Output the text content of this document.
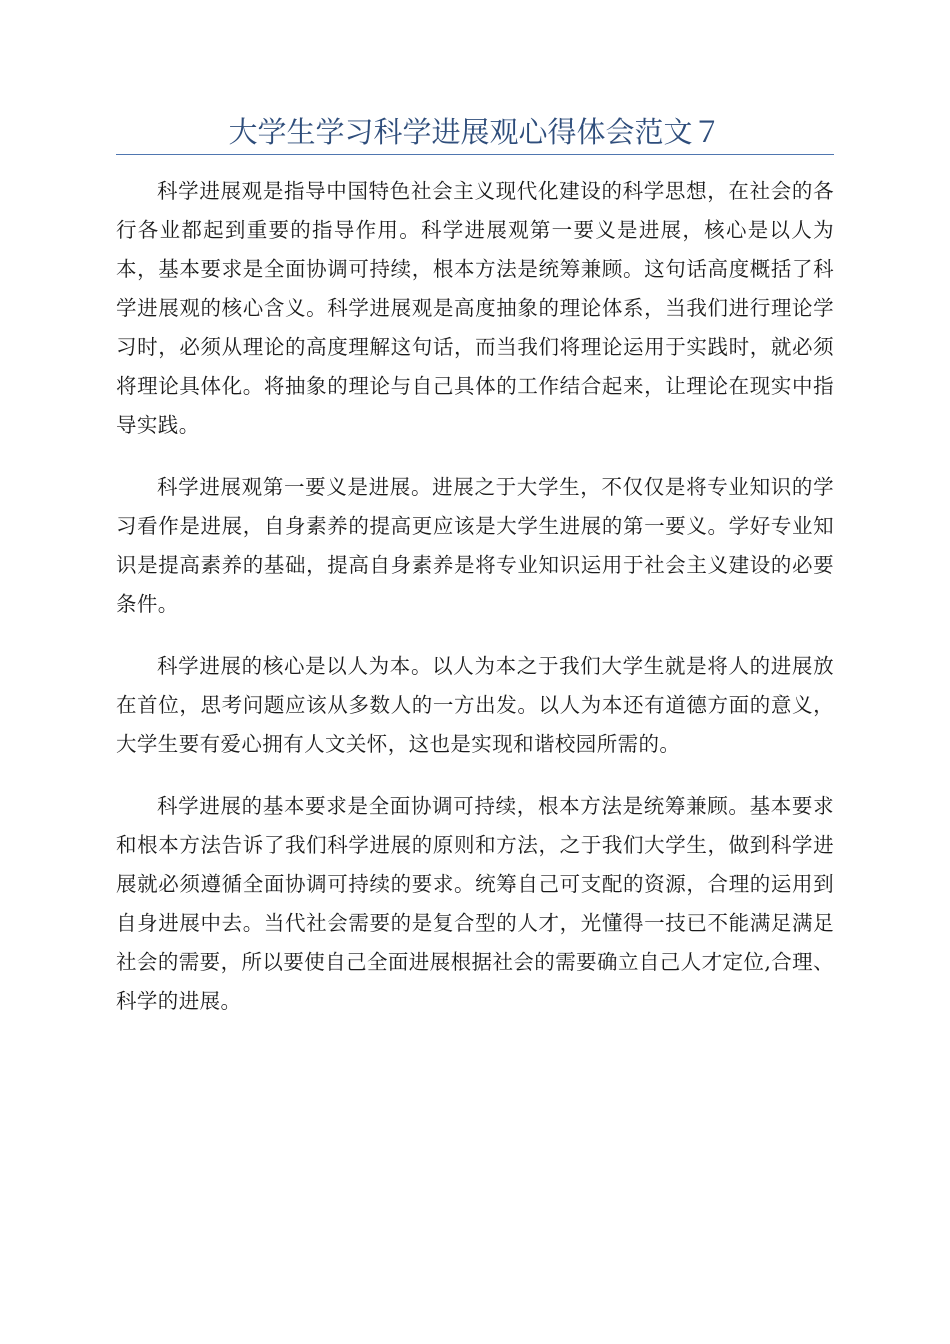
大学生学习科学进展观心得体会范文７

科学进展观是指导中国特色社会主义现代化建设的科学思想，在社会的各行各业都起到重要的指导作用。科学进展观第一要义是进展，核心是以人为本，基本要求是全面协调可持续，根本方法是统筹兼顾。这句话高度概括了科学进展观的核心含义。科学进展观是高度抽象的理论体系，当我们进行理论学习时，必须从理论的高度理解这句话，而当我们将理论运用于实践时，就必须将理论具体化。将抽象的理论与自己具体的工作结合起来，让理论在现实中指导实践。

科学进展观第一要义是进展。进展之于大学生，不仅仅是将专业知识的学习看作是进展，自身素养的提高更应该是大学生进展的第一要义。学好专业知识是提高素养的基础，提高自身素养是将专业知识运用于社会主义建设的必要条件。

科学进展的核心是以人为本。以人为本之于我们大学生就是将人的进展放在首位，思考问题应该从多数人的一方出发。以人为本还有道德方面的意义，大学生要有爱心拥有人文关怀，这也是实现和谐校园所需的。

科学进展的基本要求是全面协调可持续，根本方法是统筹兼顾。基本要求和根本方法告诉了我们科学进展的原则和方法，之于我们大学生，做到科学进展就必须遵循全面协调可持续的要求。统筹自己可支配的资源，合理的运用到自身进展中去。当代社会需要的是复合型的人才，光懂得一技已不能满足满足社会的需要，所以要使自己全面进展根据社会的需要确立自己人才定位,合理、科学的进展。
